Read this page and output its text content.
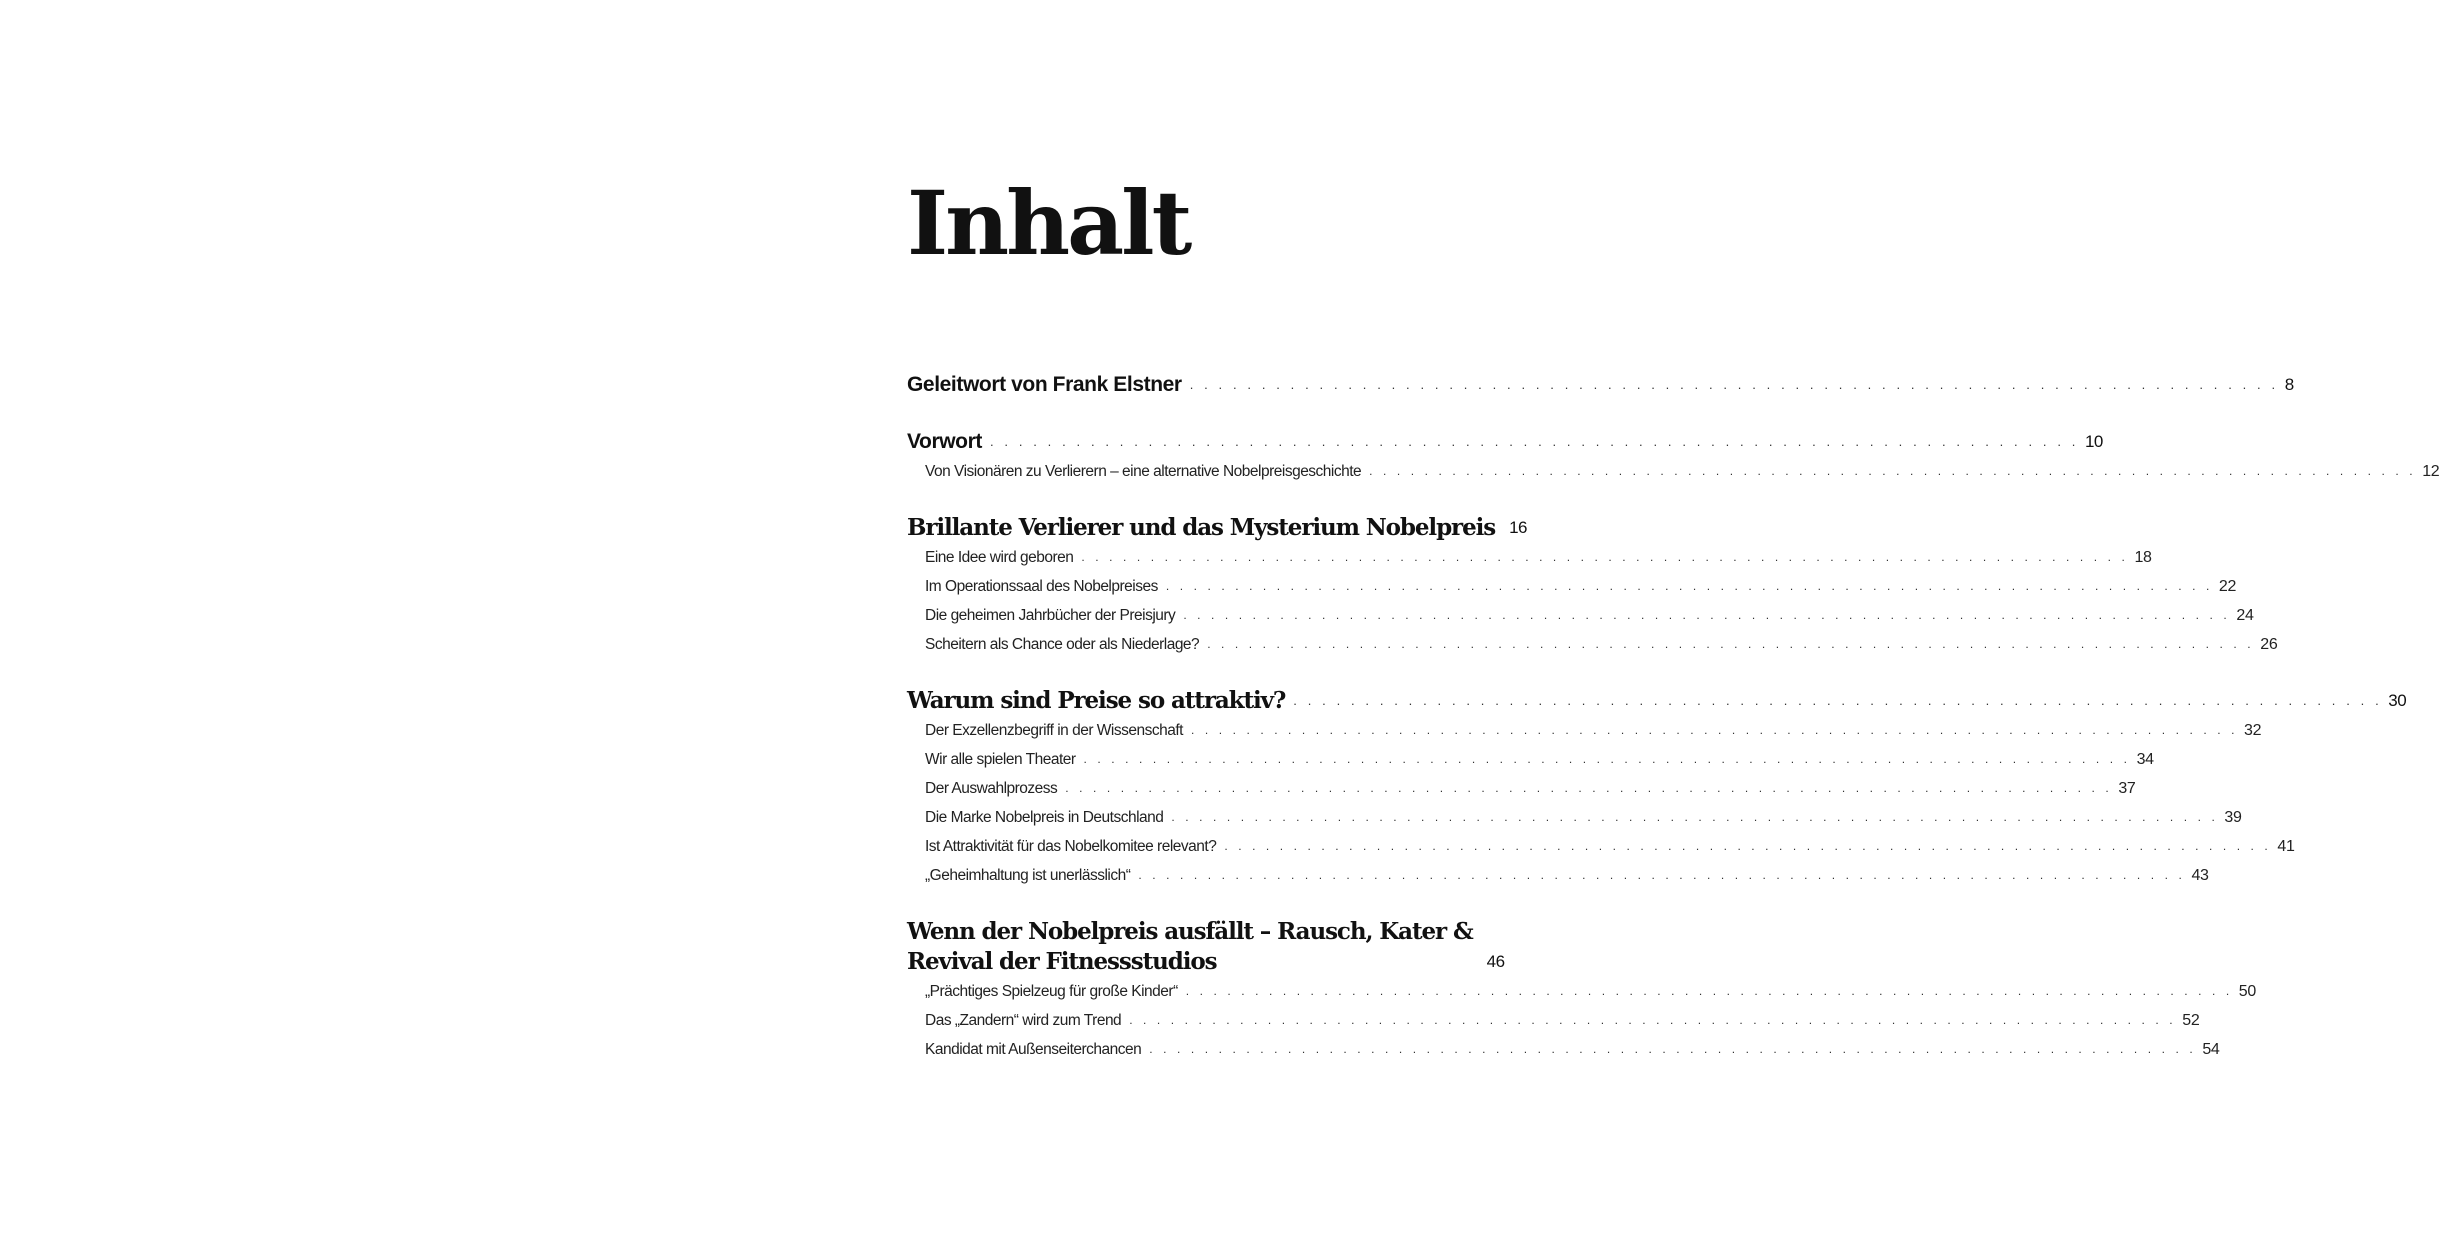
Inhalt
Geleitwort von Frank Elstner . . . . . . . . . . . . . . . . . . . . . . . . . . . . . . . . . . . . . . . . . . . . . . . . . . . . . . . . . . . . . . . . . . . . . . . . . . . . 8
Vorwort . . . . . . . . . . . . . . . . . . . . . . . . . . . . . . . . . . . . . . . . . . . . . . . . . . . . . . . . . . . . . . . . . . . . . . . . . . . . 10
Von Visionären zu Verlierern – eine alternative Nobelpreisgeschichte . . . . . . . . . . . . . . . . . . . . . . . . . . . . . . . . . . . . . . . . . . . . . . . . . . . . . . . . . . . . . . . . . . . . . . . . . . . . 12
Brillante Verlierer und das Mysterium Nobelpreis 16
Eine Idee wird geboren . . . . . . . . . . . . . . . . . . . . . . . . . . . . . . . . . . . . . . . . . . . . . . . . . . . . . . . . . . . . . . . . . . . . . . . . . . . . 18
Im Operationssaal des Nobelpreises . . . . . . . . . . . . . . . . . . . . . . . . . . . . . . . . . . . . . . . . . . . . . . . . . . . . . . . . . . . . . . . . . . . . . . . . . . . . 22
Die geheimen Jahrbücher der Preisjury . . . . . . . . . . . . . . . . . . . . . . . . . . . . . . . . . . . . . . . . . . . . . . . . . . . . . . . . . . . . . . . . . . . . . . . . . . . . 24
Scheitern als Chance oder als Niederlage? . . . . . . . . . . . . . . . . . . . . . . . . . . . . . . . . . . . . . . . . . . . . . . . . . . . . . . . . . . . . . . . . . . . . . . . . . . . . 26
Warum sind Preise so attraktiv? . . . . . . . . . . . . . . . . . . . . . . . . . . . . . . . . . . . . . . . . . . . . . . . . . . . . . . . . . . . . . . . . . . . . . . . . . . . . 30
Der Exzellenzbegriff in der Wissenschaft . . . . . . . . . . . . . . . . . . . . . . . . . . . . . . . . . . . . . . . . . . . . . . . . . . . . . . . . . . . . . . . . . . . . . . . . . . . . 32
Wir alle spielen Theater . . . . . . . . . . . . . . . . . . . . . . . . . . . . . . . . . . . . . . . . . . . . . . . . . . . . . . . . . . . . . . . . . . . . . . . . . . . . 34
Der Auswahlprozess . . . . . . . . . . . . . . . . . . . . . . . . . . . . . . . . . . . . . . . . . . . . . . . . . . . . . . . . . . . . . . . . . . . . . . . . . . . . 37
Die Marke Nobelpreis in Deutschland . . . . . . . . . . . . . . . . . . . . . . . . . . . . . . . . . . . . . . . . . . . . . . . . . . . . . . . . . . . . . . . . . . . . . . . . . . . . 39
Ist Attraktivität für das Nobelkomitee relevant? . . . . . . . . . . . . . . . . . . . . . . . . . . . . . . . . . . . . . . . . . . . . . . . . . . . . . . . . . . . . . . . . . . . . . . . . . . . . 41
„Geheimhaltung ist unerlässlich“ . . . . . . . . . . . . . . . . . . . . . . . . . . . . . . . . . . . . . . . . . . . . . . . . . . . . . . . . . . . . . . . . . . . . . . . . . . . . 43
Wenn der Nobelpreis ausfällt – Rausch, Kater &
Revival der Fitnessstudios	46
„Prächtiges Spielzeug für große Kinder“ . . . . . . . . . . . . . . . . . . . . . . . . . . . . . . . . . . . . . . . . . . . . . . . . . . . . . . . . . . . . . . . . . . . . . . . . . . . . 50
Das „Zandern“ wird zum Trend . . . . . . . . . . . . . . . . . . . . . . . . . . . . . . . . . . . . . . . . . . . . . . . . . . . . . . . . . . . . . . . . . . . . . . . . . . . . 52
Kandidat mit Außenseiterchancen . . . . . . . . . . . . . . . . . . . . . . . . . . . . . . . . . . . . . . . . . . . . . . . . . . . . . . . . . . . . . . . . . . . . . . . . . . . . 54
